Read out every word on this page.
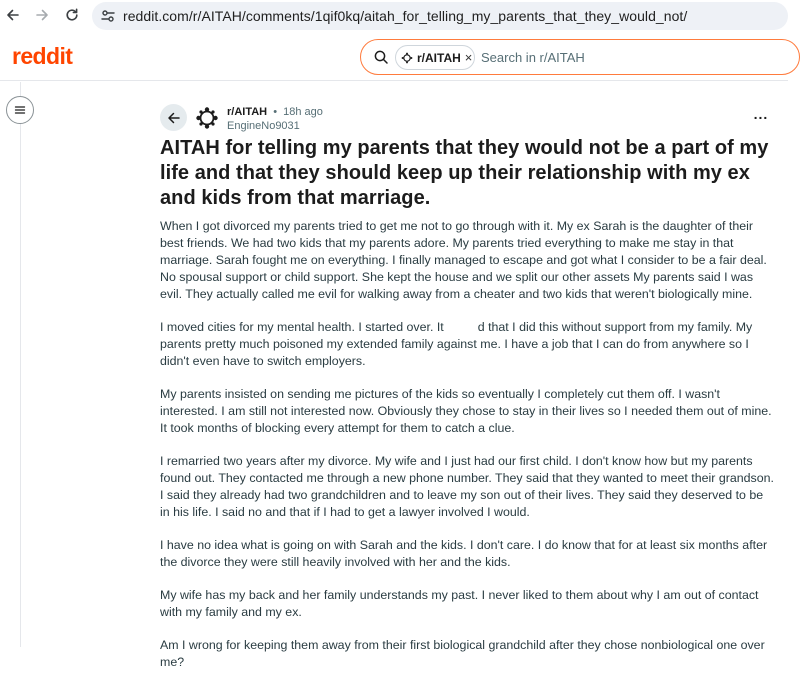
reddit.com/r/AITAH/comments/1qif0kq/aitah_for_telling_my_parents_that_they_would_not/
reddit	r/AITAH ×
Search in r/AITAH
r/AITAH • 18h ago
EngineNo9031
...
AITAH for telling my parents that they would not be a part of my life and that they should keep up their relationship with my ex and kids from that marriage.

When I got divorced my parents tried to get me not to go through with it. My ex Sarah is the daughter of their best friends. We had two kids that my parents adore. My parents tried everything to make me stay in that marriage. Sarah fought me on everything. I finally managed to escape and got what I consider to be a fair deal. No spousal support or child support. She kept the house and we split our other assets My parents said I was evil. They actually called me evil for walking away from a cheater and two kids that weren't biologically mine.

I moved cities for my mental health. I started over. It	d that I did this without support from my family. My parents pretty much poisoned my extended family against me. I have a job that I can do from anywhere so I didn't even have to switch employers.

My parents insisted on sending me pictures of the kids so eventually I completely cut them off. I wasn't interested. I am still not interested now. Obviously they chose to stay in their lives so I needed them out of mine. It took months of blocking every attempt for them to catch a clue.

I remarried two years after my divorce. My wife and I just had our first child. I don't know how but my parents found out. They contacted me through a new phone number. They said that they wanted to meet their grandson. I said they already had two grandchildren and to leave my son out of their lives. They said they deserved to be in his life. I said no and that if I had to get a lawyer involved I would.

I have no idea what is going on with Sarah and the kids. I don't care. I do know that for at least six months after the divorce they were still heavily involved with her and the kids.

My wife has my back and her family understands my past. I never liked to them about why I am out of contact with my family and my ex.

Am I wrong for keeping them away from their first biological grandchild after they chose nonbiological one over me?
